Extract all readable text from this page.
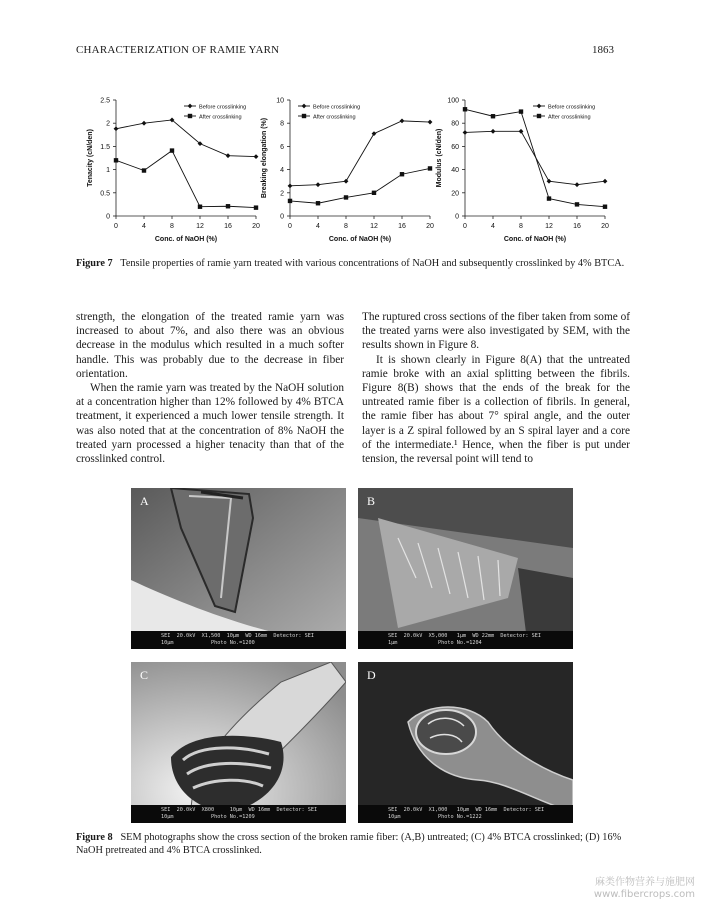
CHARACTERIZATION OF RAMIE YARN	1863
0
0.5
1
1.5
2
2.5
0	4	8	12	16	20
Conc. of NaOH (%)
Tenacity (cN/den)
Before crosslinking
After crosslinking
0
2
4
6
8
10
0	4	8	12	16	20
Conc. of NaOH (%)
Breaking elongation (%)
Before crosslinking
After crosslinking
0
20
40
60
80
100
0	4	8	12	16	20
Conc. of NaOH (%)
Modulus (cN/den)
Before crosslinking
After crosslinking
Figure 7 Tensile properties of ramie yarn treated with various concentrations of NaOH and subsequently crosslinked by 4% BTCA.

strength, the elongation of the treated ramie yarn was increased to about 7%, and also there was an obvious decrease in the modulus which resulted in a much softer handle. This was probably due to the decrease in fiber orientation.

When the ramie yarn was treated by the NaOH solution at a concentration higher than 12% followed by 4% BTCA treatment, it experienced a much lower tensile strength. It was also noted that at the concentration of 8% NaOH the treated yarn processed a higher tenacity than that of the crosslinked control.

The ruptured cross sections of the fiber taken from some of the treated yarns were also investigated by SEM, with the results shown in Figure 8.

It is shown clearly in Figure 8(A) that the untreated ramie broke with an axial splitting between the fibrils. Figure 8(B) shows that the ends of the break for the untreated ramie fiber is a collection of fibrils. In general, the ramie fiber has about 7° spiral angle, and the outer layer is a Z spiral followed by an S spiral layer and a core of the intermediate.¹ Hence, when the fiber is put under tension, the reversal point will tend to

A
SEI  20.0kV  X1,500  10μm  WD 16mm  Detector: SEI
10μm            Photo No.=1200
B
SEI  20.0kV  X5,000   1μm  WD 22mm  Detector: SEI
1μm             Photo No.=1204
C
SEI  20.0kV  X800     10μm  WD 16mm  Detector: SEI
10μm            Photo No.=1209
D
SEI  20.0kV  X1,000   10μm  WD 16mm  Detector: SEI
10μm            Photo No.=1222
Figure 8 SEM photographs show the cross section of the broken ramie fiber: (A,B) untreated; (C) 4% BTCA crosslinked; (D) 16% NaOH pretreated and 4% BTCA crosslinked.
麻类作物营养与施肥网
www.fibercrops.com
